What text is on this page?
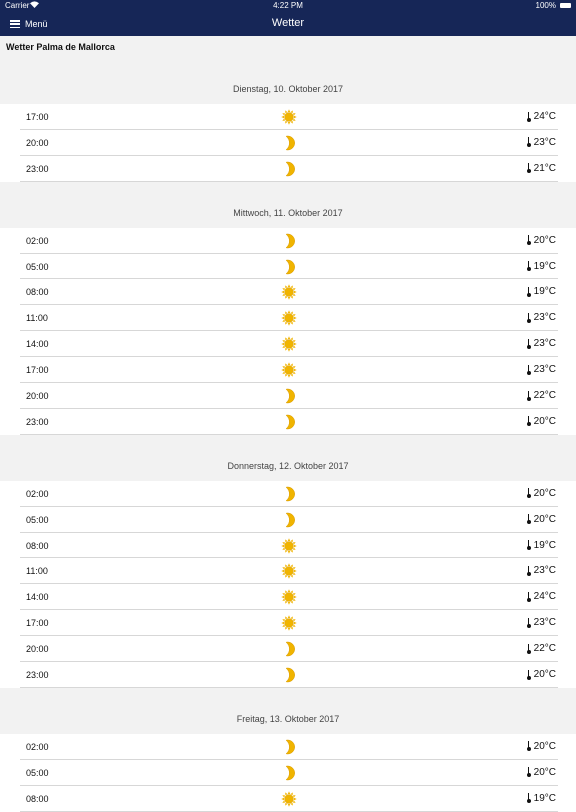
Carrier	4:22 PM	100%
Menü	Wetter
Wetter Palma de Mallorca
Dienstag, 10. Oktober 2017
17:00	24°C
20:00	23°C
23:00	21°C
Mittwoch, 11. Oktober 2017
02:00	20°C
05:00	19°C
08:00	19°C
11:00	23°C
14:00	23°C
17:00	23°C
20:00	22°C
23:00	20°C
Donnerstag, 12. Oktober 2017
02:00	20°C
05:00	20°C
08:00	19°C
11:00	23°C
14:00	24°C
17:00	23°C
20:00	22°C
23:00	20°C
Freitag, 13. Oktober 2017
02:00	20°C
05:00	20°C
08:00	19°C
